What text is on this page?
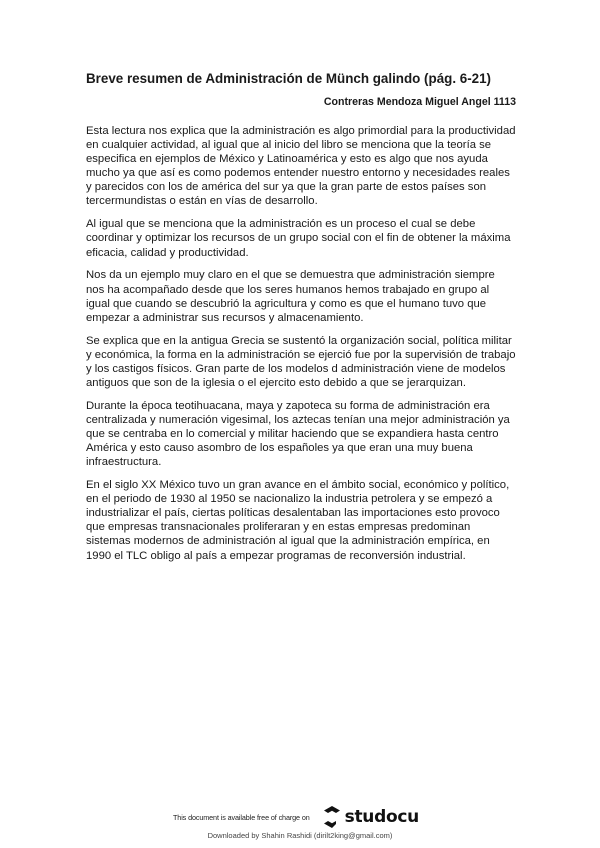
Breve resumen de Administración de Münch galindo (pág. 6-21)
Contreras Mendoza Miguel Angel 1113

Esta lectura nos explica que la administración es algo primordial para la productividad en cualquier actividad, al igual que al inicio del libro se menciona que la teoría se especifica en ejemplos de México y Latinoamérica y esto es algo que nos ayuda mucho ya que así es como podemos entender nuestro entorno y necesidades reales y parecidos con los de américa del sur ya que la gran parte de estos países son tercermundistas o están en vías de desarrollo.

Al igual que se menciona que la administración es un proceso el cual se debe coordinar y optimizar los recursos de un grupo social con el fin de obtener la máxima eficacia, calidad y productividad.

Nos da un ejemplo muy claro en el que se demuestra que administración siempre nos ha acompañado desde que los seres humanos hemos trabajado en grupo al igual que cuando se descubrió la agricultura y como es que el humano tuvo que empezar a administrar sus recursos y almacenamiento.

Se explica que en la antigua Grecia se sustentó la organización social, política militar y económica, la forma en la administración se ejerció fue por la supervisión de trabajo y los castigos físicos. Gran parte de los modelos d administración viene de modelos antiguos que son de la iglesia o el ejercito esto debido a que se jerarquizan.

Durante la época teotihuacana, maya y zapoteca su forma de administración era centralizada y numeración vigesimal, los aztecas tenían una mejor administración ya que se centraba en lo comercial y militar haciendo que se expandiera hasta centro América y esto causo asombro de los españoles ya que eran una muy buena infraestructura.

En el siglo XX México tuvo un gran avance en el ámbito social, económico y político, en el periodo de 1930 al 1950 se nacionalizo la industria petrolera y se empezó a industrializar el país, ciertas políticas desalentaban las importaciones esto provoco que empresas transnacionales proliferaran y en estas empresas predominan sistemas modernos de administración al igual que la administración empírica, en 1990 el TLC obligo al país a empezar programas de reconversión industrial.

This document is available free of charge on studocu
Downloaded by Shahin Rashidi (dirilt2king@gmail.com)
